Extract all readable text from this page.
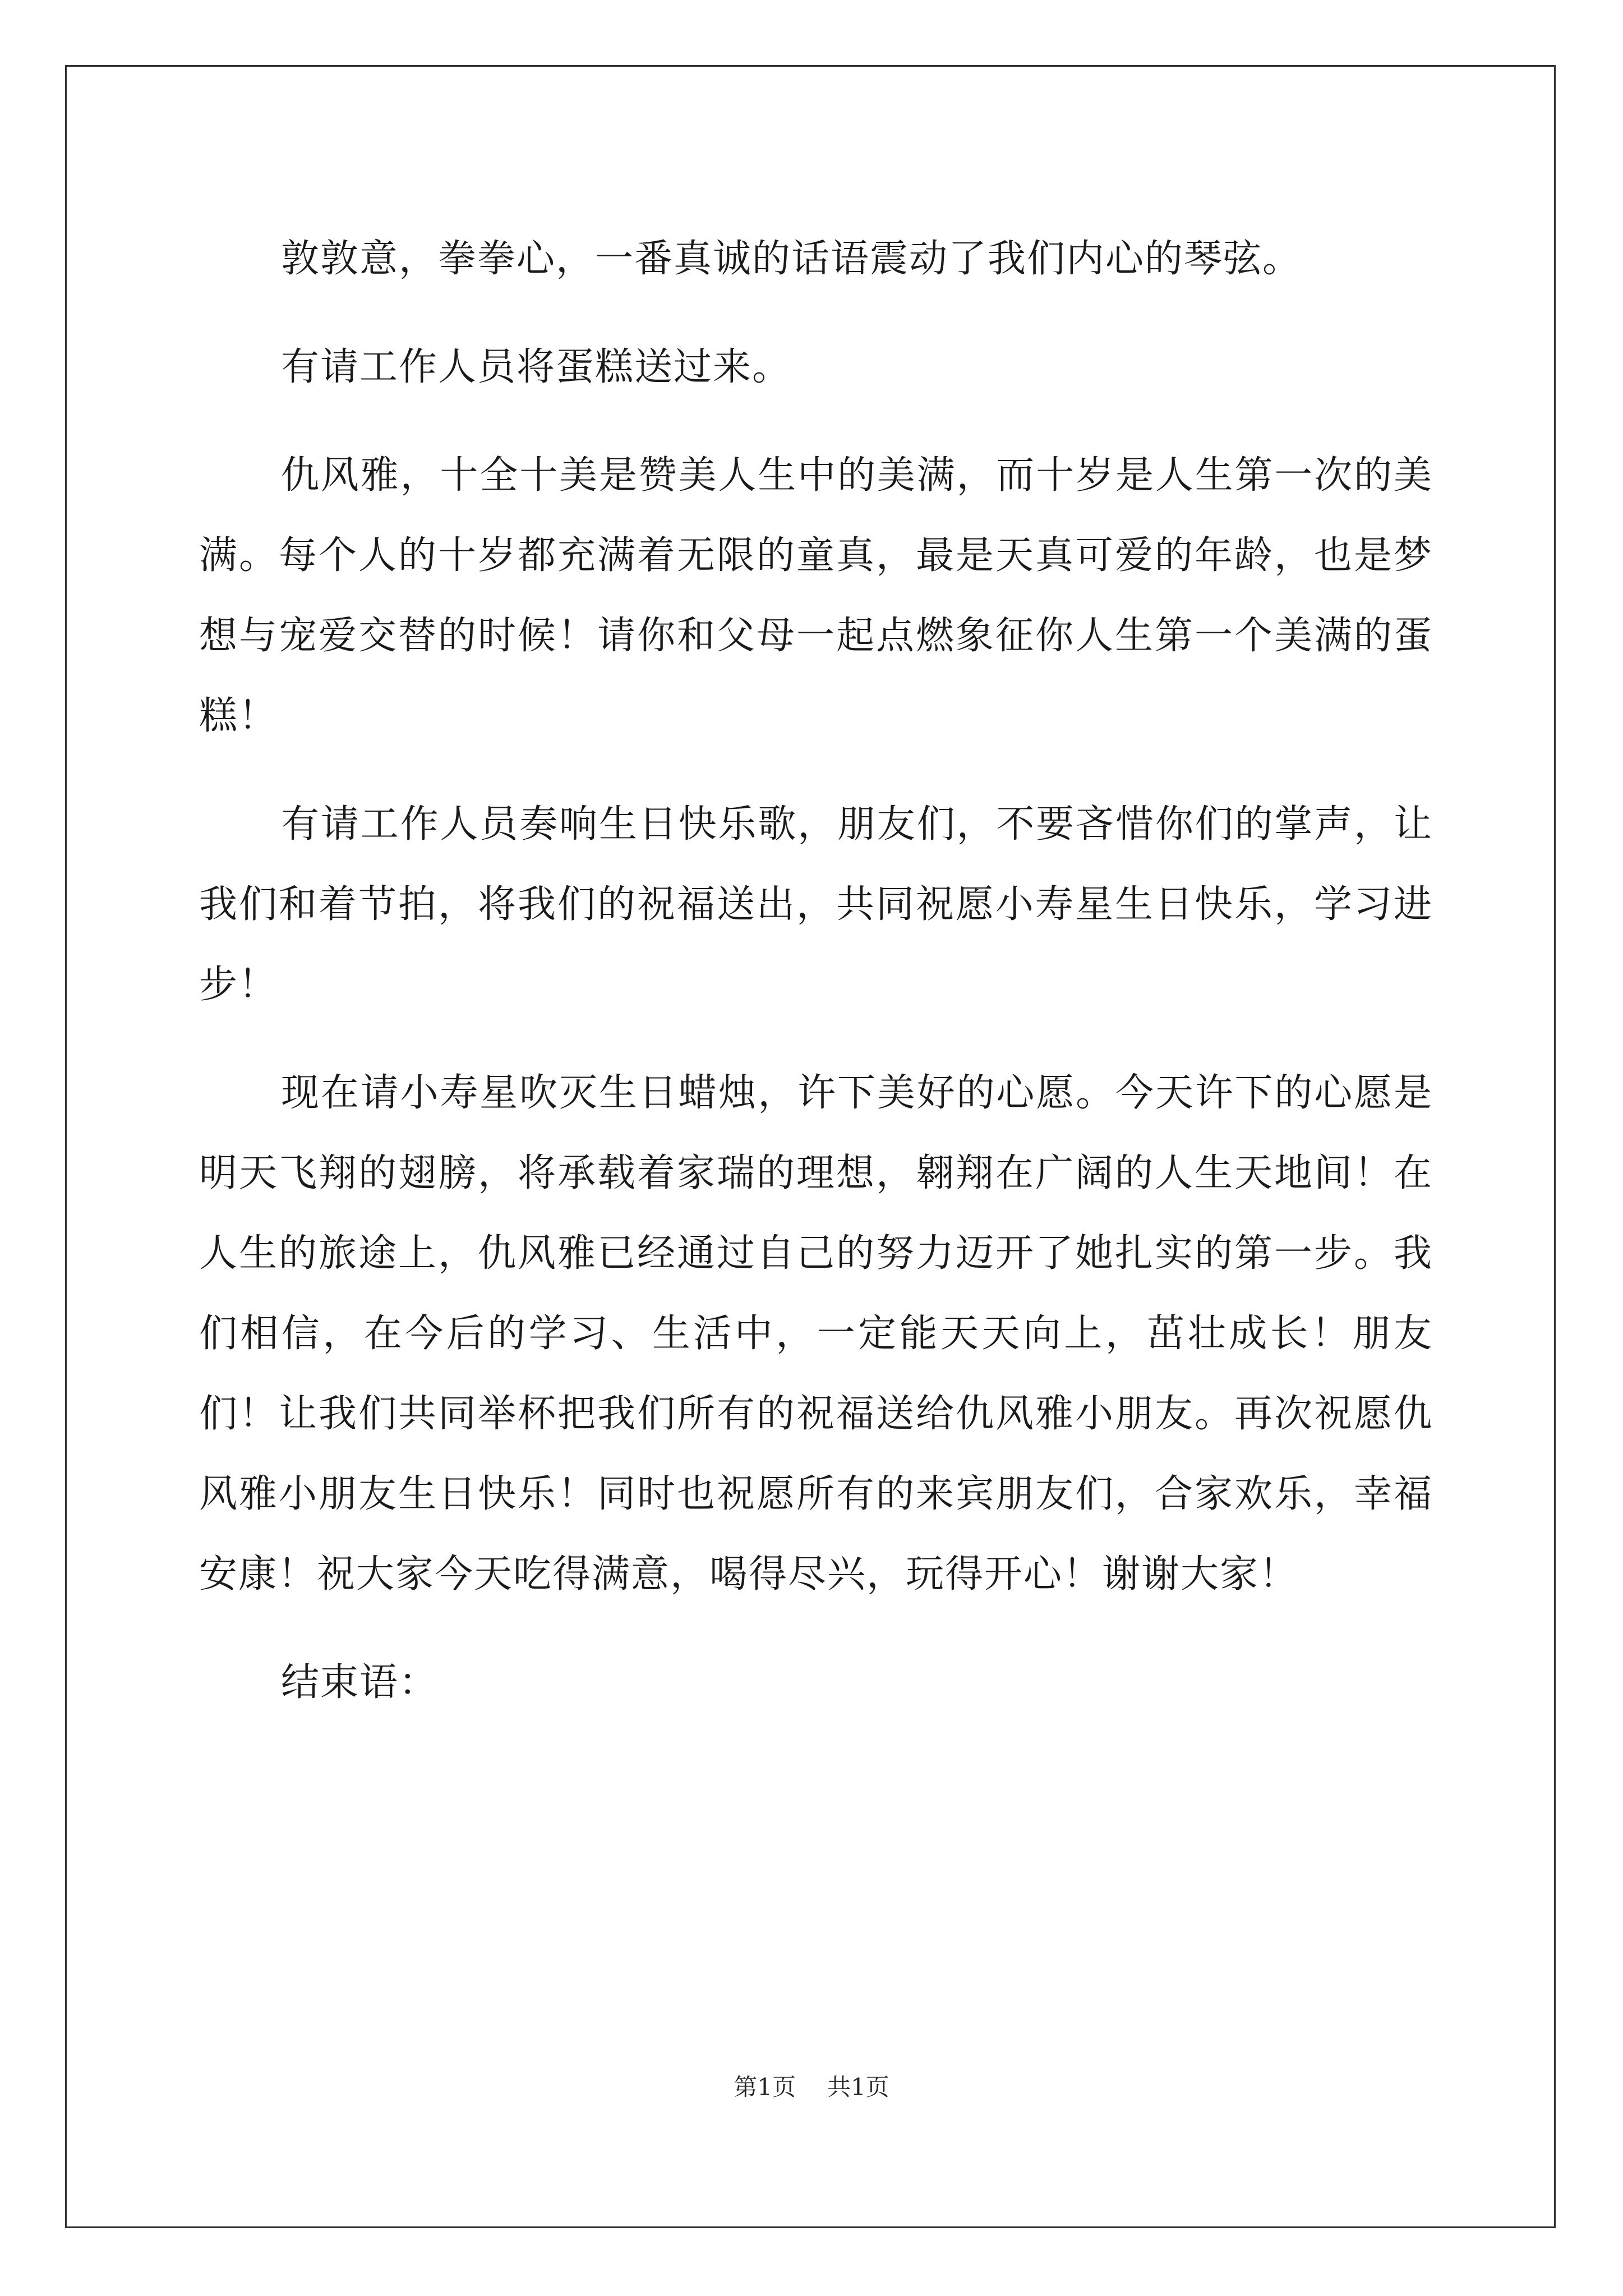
敦敦意，拳拳心，一番真诚的话语震动了我们内心的琴弦。

有请工作人员将蛋糕送过来。

仇风雅，十全十美是赞美人生中的美满，而十岁是人生第一次的美满。每个人的十岁都充满着无限的童真，最是天真可爱的年龄，也是梦想与宠爱交替的时候！请你和父母一起点燃象征你人生第一个美满的蛋糕！

有请工作人员奏响生日快乐歌，朋友们，不要吝惜你们的掌声，让我们和着节拍，将我们的祝福送出，共同祝愿小寿星生日快乐，学习进步！

现在请小寿星吹灭生日蜡烛，许下美好的心愿。今天许下的心愿是明天飞翔的翅膀，将承载着家瑞的理想，翱翔在广阔的人生天地间！在人生的旅途上，仇风雅已经通过自己的努力迈开了她扎实的第一步。我们相信，在今后的学习、生活中，一定能天天向上，茁壮成长！朋友们！让我们共同举杯把我们所有的祝福送给仇风雅小朋友。再次祝愿仇风雅小朋友生日快乐！同时也祝愿所有的来宾朋友们，合家欢乐，幸福安康！祝大家今天吃得满意，喝得尽兴，玩得开心！谢谢大家！

结束语：

第1页 共1页
